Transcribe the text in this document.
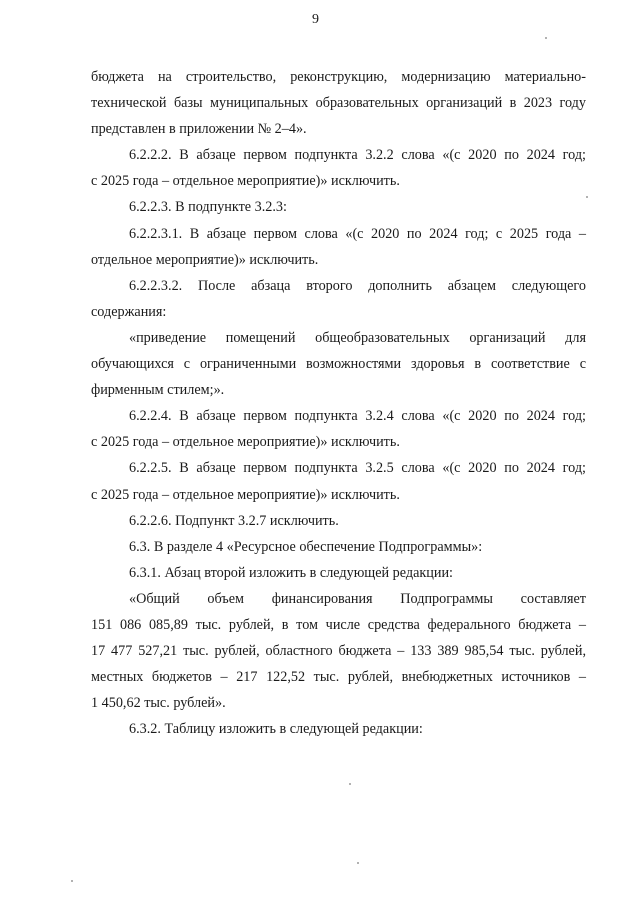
9

бюджета на строительство, реконструкцию, модернизацию материально-
технической базы муниципальных образовательных организаций в 2023 году
представлен в приложении № 2–4».

6.2.2.2. В абзаце первом подпункта 3.2.2 слова «(с 2020 по 2024 год;
с 2025 года – отдельное мероприятие)» исключить.

6.2.2.3. В подпункте 3.2.3:

6.2.2.3.1. В абзаце первом слова «(с 2020 по 2024 год; с 2025 года –
отдельное мероприятие)» исключить.

6.2.2.3.2. После абзаца второго дополнить абзацем следующего
содержания:

«приведение помещений общеобразовательных организаций для
обучающихся с ограниченными возможностями здоровья в соответствие с
фирменным стилем;».

6.2.2.4. В абзаце первом подпункта 3.2.4 слова «(с 2020 по 2024 год;
с 2025 года – отдельное мероприятие)» исключить.

6.2.2.5. В абзаце первом подпункта 3.2.5 слова «(с 2020 по 2024 год;
с 2025 года – отдельное мероприятие)» исключить.

6.2.2.6. Подпункт 3.2.7 исключить.

6.3. В разделе 4 «Ресурсное обеспечение Подпрограммы»:

6.3.1. Абзац второй изложить в следующей редакции:

«Общий объем финансирования Подпрограммы составляет
151 086 085,89 тыс. рублей, в том числе средства федерального бюджета –
17 477 527,21 тыс. рублей, областного бюджета – 133 389 985,54 тыс. рублей,
местных бюджетов – 217 122,52 тыс. рублей, внебюджетных источников –
1 450,62 тыс. рублей».

6.3.2. Таблицу изложить в следующей редакции:
